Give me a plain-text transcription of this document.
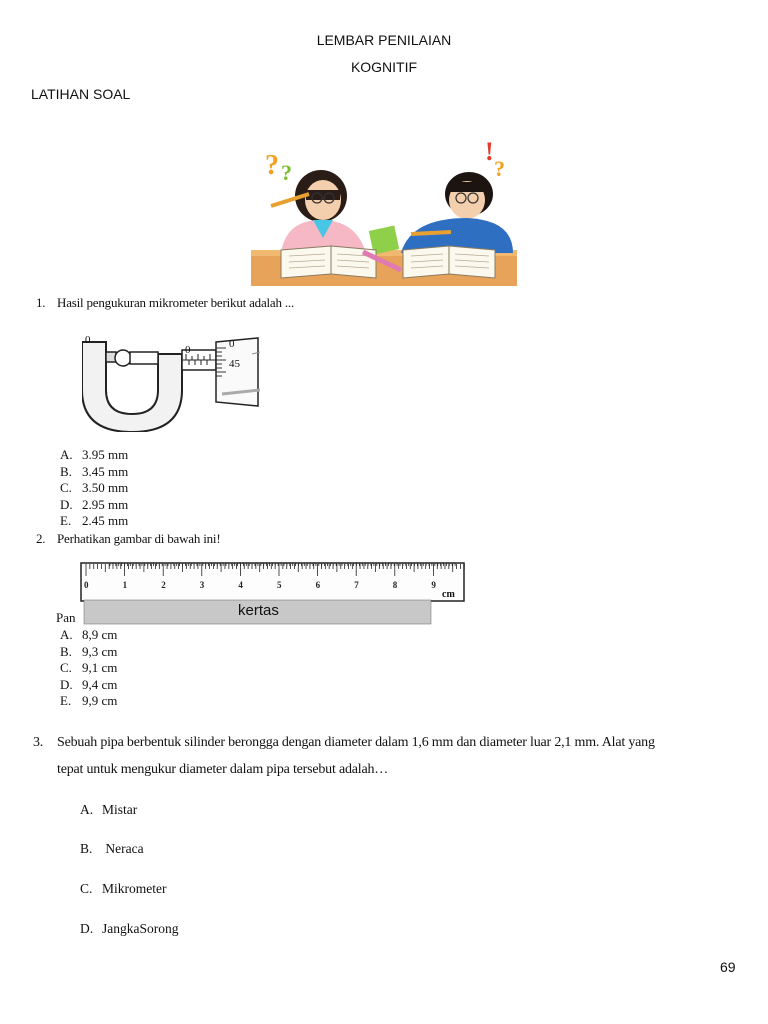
LEMBAR PENILAIAN
KOGNITIF
LATIHAN SOAL
? ?
!
?
1. Hasil pengukuran mikrometer berikut adalah ...
0
0	0
45
A. 3.95 mm
B. 3.45 mm
C. 3.50 mm
D. 2.95 mm
E. 2.45 mm
2. Perhatikan gambar di bawah ini!
Pan
0	1	2	3	4	5	6	7	8	9
cm
kertas
A. 8,9 cm
B. 9,3 cm
C. 9,1 cm
D. 9,4 cm
E. 9,9 cm
3. Sebuah pipa berbentuk silinder berongga dengan diameter dalam 1,6 mm dan diameter luar 2,1 mm. Alat yang
tepat untuk mengukur diameter dalam pipa tersebut adalah…
A. Mistar
B. Neraca
C. Mikrometer
D. JangkaSorong
69
